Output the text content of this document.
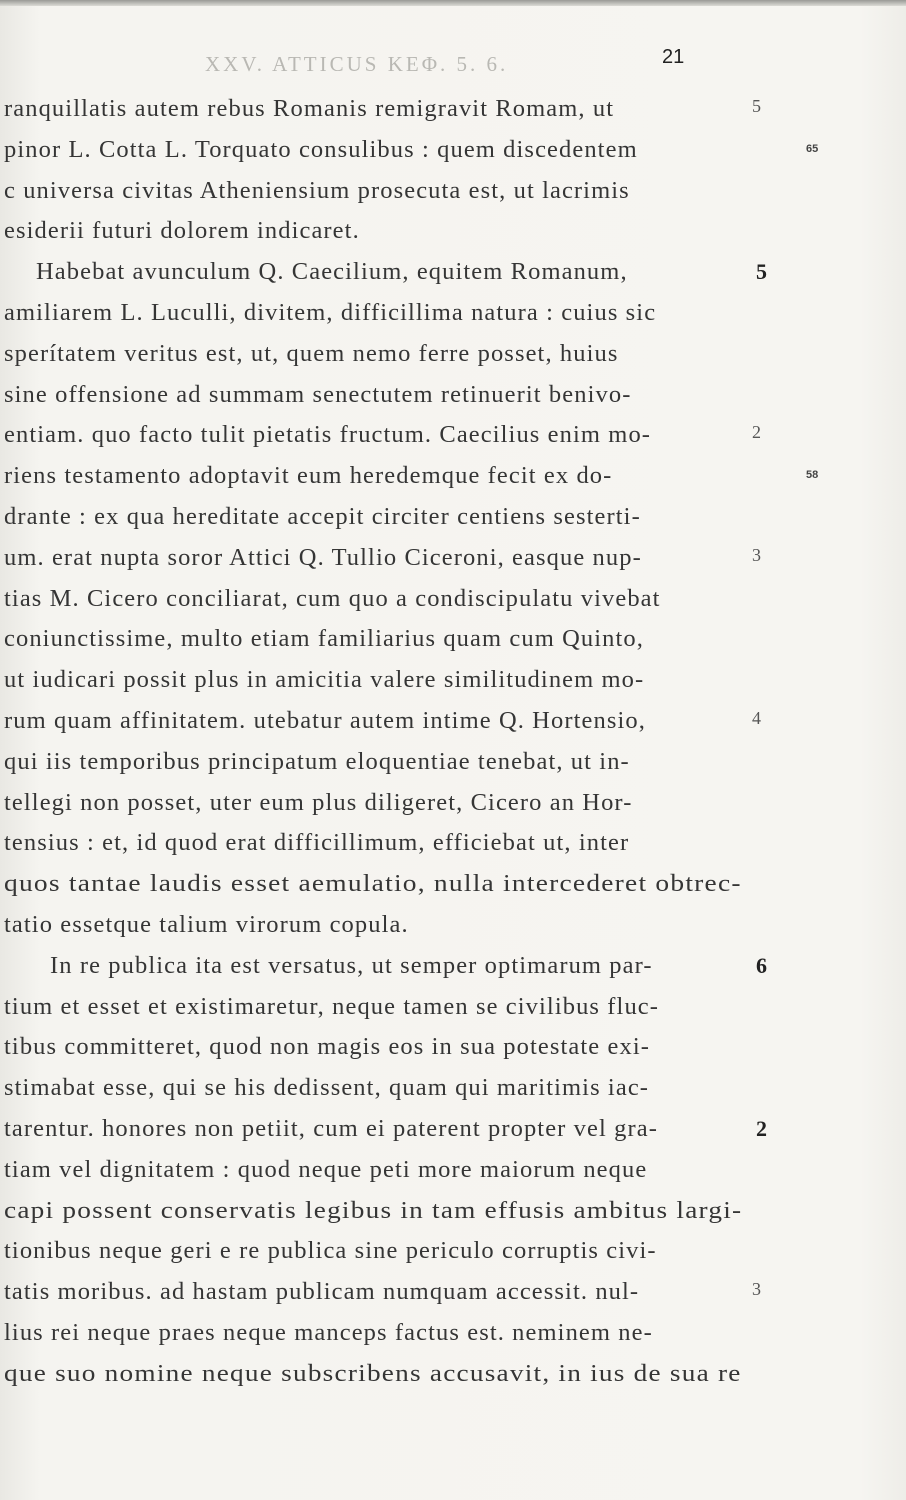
XXV. ATTICUS ΚΕΦ. 5. 6.	21
ranquillatis autem rebus Romanis remigravit Romam, ut	5
pinor L. Cotta L. Torquato consulibus : quem discedentem	65
c universa civitas Atheniensium prosecuta est, ut lacrimis
esiderii futuri dolorem indicaret.
Habebat avunculum Q. Caecilium, equitem Romanum,	5
amiliarem L. Luculli, divitem, difficillima natura : cuius sic
sperítatem veritus est, ut, quem nemo ferre posset, huius
sine offensione ad summam senectutem retinuerit benivo-
entiam. quo facto tulit pietatis fructum. Caecilius enim mo-	2
riens testamento adoptavit eum heredemque fecit ex do-	58
drante : ex qua hereditate accepit circiter centiens sesterti-
um. erat nupta soror Attici Q. Tullio Ciceroni, easque nup-	3
tias M. Cicero conciliarat, cum quo a condiscipulatu vivebat
coniunctissime, multo etiam familiarius quam cum Quinto,
ut iudicari possit plus in amicitia valere similitudinem mo-
rum quam affinitatem. utebatur autem intime Q. Hortensio,	4
qui iis temporibus principatum eloquentiae tenebat, ut in-
tellegi non posset, uter eum plus diligeret, Cicero an Hor-
tensius : et, id quod erat difficillimum, efficiebat ut, inter
quos tantae laudis esset aemulatio, nulla intercederet obtrec-
tatio essetque talium virorum copula.
In re publica ita est versatus, ut semper optimarum par-	6
tium et esset et existimaretur, neque tamen se civilibus fluc-
tibus committeret, quod non magis eos in sua potestate exi-
stimabat esse, qui se his dedissent, quam qui maritimis iac-
tarentur. honores non petiit, cum ei paterent propter vel gra-	2
tiam vel dignitatem : quod neque peti more maiorum neque
capi possent conservatis legibus in tam effusis ambitus largi-
tionibus neque geri e re publica sine periculo corruptis civi-
tatis moribus. ad hastam publicam numquam accessit. nul-	3
lius rei neque praes neque manceps factus est. neminem ne-
que suo nomine neque subscribens accusavit, in ius de sua re
